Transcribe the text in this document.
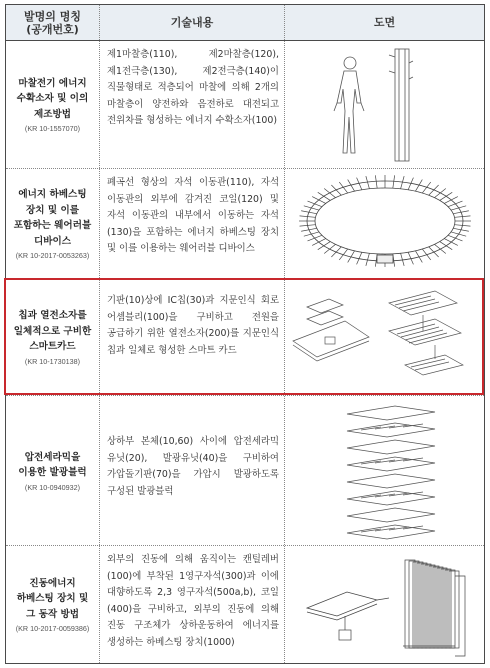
발명의 명칭
(공개번호)	기술내용	도면
마찰전기 에너지
수확소자 및 이의
제조방법
(KR 10-1557070)
제1마찰층(110), 제2마찰층(120), 제1전극층(130), 제2전극층(140)이 직물형태로 적층되어 마찰에 의해 2개의 마찰층이 양전하와 음전하로 대전되고 전위차를 형성하는 에너지 수확소자(100)
에너지 하베스팅
장치 및 이를
포함하는 웨어러블
디바이스
(KR 10-2017-0053263)
폐곡선 형상의 자석 이동관(110), 자석 이동관의 외부에 감겨진 코일(120) 및 자석 이동관의 내부에서 이동하는 자석(130)을 포함하는 에너지 하베스팅 장치 및 이를 이용하는 웨어러블 디바이스
칩과 열전소자를
일체적으로 구비한
스마트카드
(KR 10-1730138)
기판(10)상에 IC칩(30)과 지문인식 회로 어셈블리(100)을 구비하고 전원을 공급하기 위한 열전소자(200)를 지문인식 칩과 일체로 형성한 스마트 카드
압전세라믹을
이용한 발광블럭
(KR 10-0940932)
상하부 본체(10,60) 사이에 압전세라믹 유닛(20), 발광유닛(40)을 구비하여 가압돌기판(70)을 가압시 발광하도록 구성된 발광블럭
진동에너지
하베스팅 장치 및
그 동작 방법
(KR 10-2017-0059386)
외부의 진동에 의해 움직이는 캔틸레버(100)에 부착된 1영구자석(300)과 이에 대향하도록 2,3 영구자석(500a,b), 코일(400)을 구비하고, 외부의 진동에 의해 진동 구조체가 상하운동하여 에너지를 생성하는 하베스팅 장치(1000)
